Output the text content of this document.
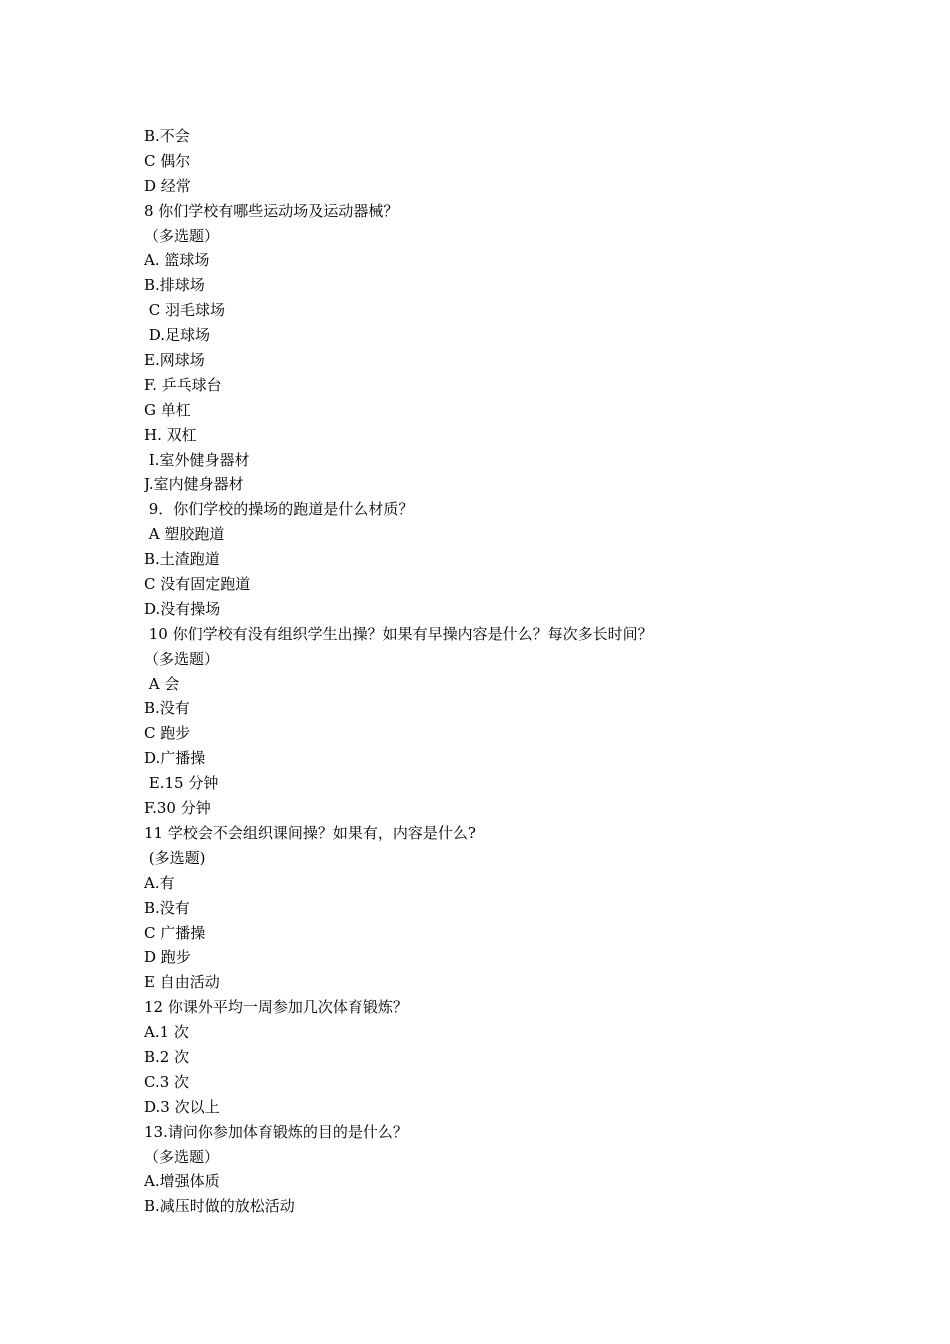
B.不会
C 偶尔
D 经常
8 你们学校有哪些运动场及运动器械？
（多选题）
A. 篮球场
B.排球场
C 羽毛球场
D.足球场
E.网球场
F. 乒乓球台
G 单杠
H. 双杠
I.室外健身器材
J.室内健身器材
9．你们学校的操场的跑道是什么材质？
A 塑胶跑道
B.土渣跑道
C 没有固定跑道
D.没有操场
10 你们学校有没有组织学生出操？如果有早操内容是什么？每次多长时间？
（多选题）
A 会
B.没有
C 跑步
D.广播操
E.15 分钟
F.30 分钟
11 学校会不会组织课间操？如果有，内容是什么?
(多选题)
A.有
B.没有
C 广播操
D 跑步
E 自由活动
12 你课外平均一周参加几次体育锻炼？
A.1 次
B.2 次
C.3 次
D.3 次以上
13.请问你参加体育锻炼的目的是什么？
（多选题）
A.增强体质
B.减压时做的放松活动
